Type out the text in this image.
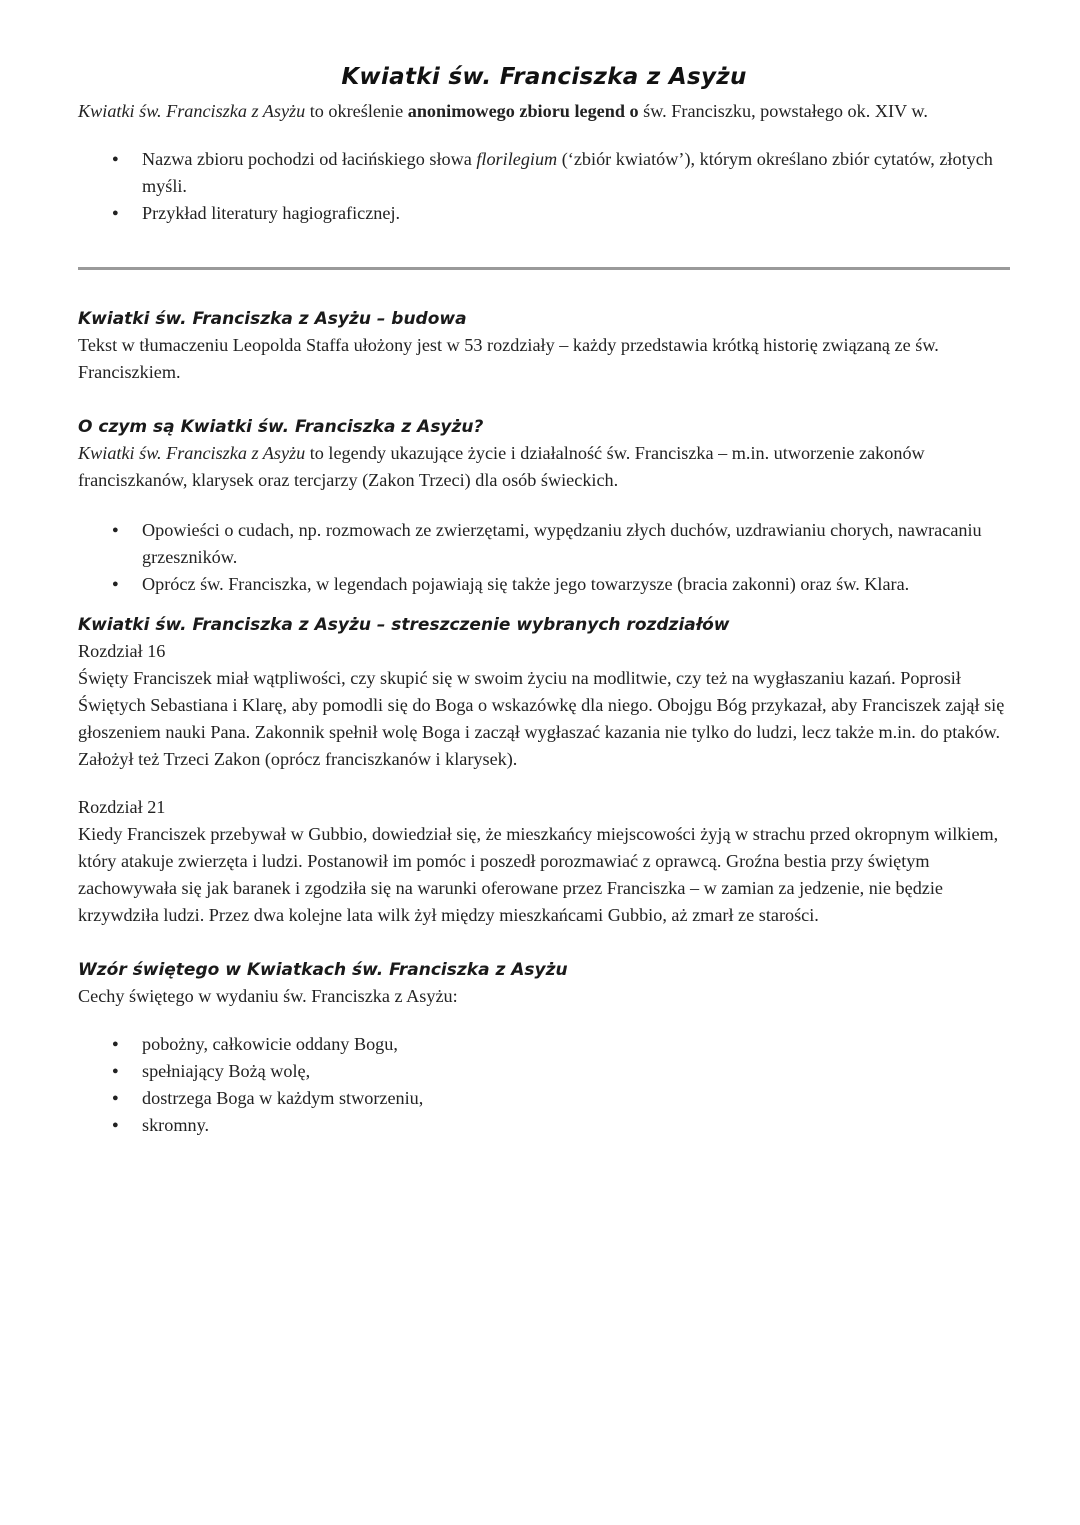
Kwiatki św. Franciszka z Asyżu

Kwiatki św. Franciszka z Asyżu to określenie anonimowego zbioru legend o św. Franciszku, powstałego ok. XIV w.

● Nazwa zbioru pochodzi od łacińskiego słowa florilegium (‘zbiór kwiatów’), którym określano zbiór cytatów, złotych myśli.
● Przykład literatury hagiograficznej.
Kwiatki św. Franciszka z Asyżu – budowa

Tekst w tłumaczeniu Leopolda Staffa ułożony jest w 53 rozdziały – każdy przedstawia krótką historię związaną ze św. Franciszkiem.

O czym są Kwiatki św. Franciszka z Asyżu?

Kwiatki św. Franciszka z Asyżu to legendy ukazujące życie i działalność św. Franciszka – m.in. utworzenie zakonów franciszkanów, klarysek oraz tercjarzy (Zakon Trzeci) dla osób świeckich.

● Opowieści o cudach, np. rozmowach ze zwierzętami, wypędzaniu złych duchów, uzdrawianiu chorych, nawracaniu grzeszników.
● Oprócz św. Franciszka, w legendach pojawiają się także jego towarzysze (bracia zakonni) oraz św. Klara.
Kwiatki św. Franciszka z Asyżu – streszczenie wybranych rozdziałów

Rozdział 16

Święty Franciszek miał wątpliwości, czy skupić się w swoim życiu na modlitwie, czy też na wygłaszaniu kazań. Poprosił Świętych Sebastiana i Klarę, aby pomodli się do Boga o wskazówkę dla niego. Obojgu Bóg przykazał, aby Franciszek zajął się głoszeniem nauki Pana. Zakonnik spełnił wolę Boga i zaczął wygłaszać kazania nie tylko do ludzi, lecz także m.in. do ptaków. Założył też Trzeci Zakon (oprócz franciszkanów i klarysek).

Rozdział 21

Kiedy Franciszek przebywał w Gubbio, dowiedział się, że mieszkańcy miejscowości żyją w strachu przed okropnym wilkiem, który atakuje zwierzęta i ludzi. Postanowił im pomóc i poszedł porozmawiać z oprawcą. Groźna bestia przy świętym zachowywała się jak baranek i zgodziła się na warunki oferowane przez Franciszka – w zamian za jedzenie, nie będzie krzywdziła ludzi. Przez dwa kolejne lata wilk żył między mieszkańcami Gubbio, aż zmarł ze starości.

Wzór świętego w Kwiatkach św. Franciszka z Asyżu

Cechy świętego w wydaniu św. Franciszka z Asyżu:

● pobożny, całkowicie oddany Bogu,
● spełniający Bożą wolę,
● dostrzega Boga w każdym stworzeniu,
● skromny.
